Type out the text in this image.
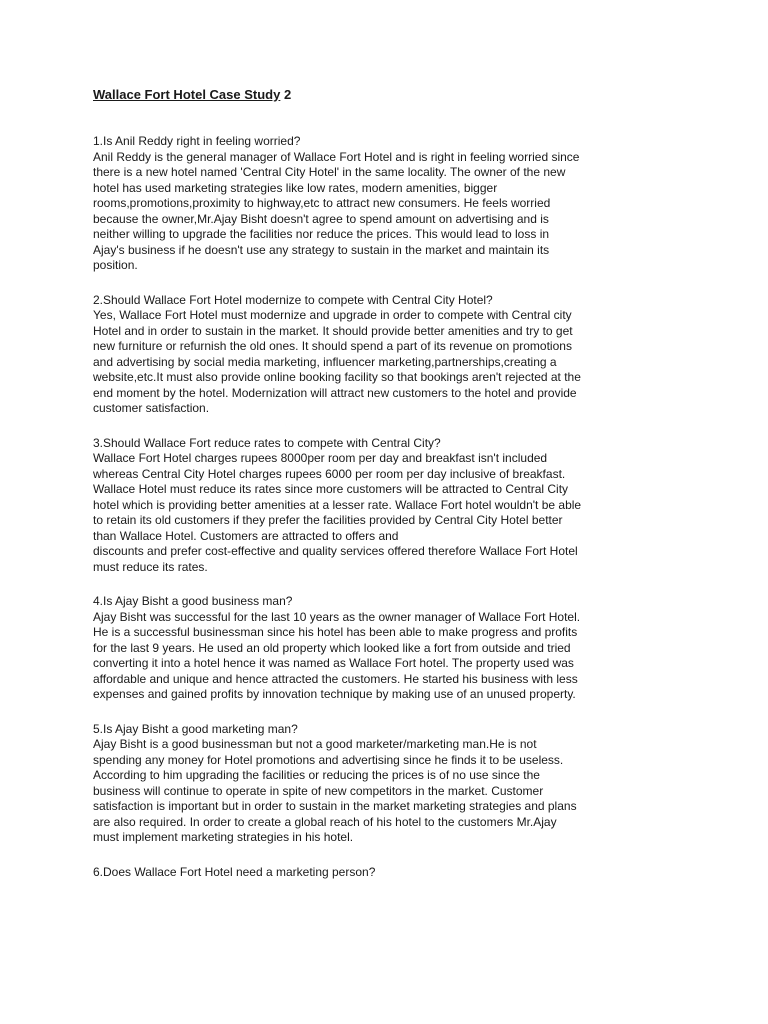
Wallace Fort Hotel Case Study 2

1.Is Anil Reddy right in feeling worried?
Anil Reddy is the general manager of Wallace Fort Hotel and is right in feeling worried since
there is a new hotel named 'Central City Hotel' in the same locality. The owner of the new
hotel has used marketing strategies like low rates, modern amenities, bigger
rooms,promotions,proximity to highway,etc to attract new consumers. He feels worried
because the owner,Mr.Ajay Bisht doesn't agree to spend amount on advertising and is
neither willing to upgrade the facilities nor reduce the prices. This would lead to loss in
Ajay's business if he doesn't use any strategy to sustain in the market and maintain its
position.
2.Should Wallace Fort Hotel modernize to compete with Central City Hotel?
Yes, Wallace Fort Hotel must modernize and upgrade in order to compete with Central city
Hotel and in order to sustain in the market. It should provide better amenities and try to get
new furniture or refurnish the old ones. It should spend a part of its revenue on promotions
and advertising by social media marketing, influencer marketing,partnerships,creating a
website,etc.It must also provide online booking facility so that bookings aren't rejected at the
end moment by the hotel. Modernization will attract new customers to the hotel and provide
customer satisfaction.
3.Should Wallace Fort reduce rates to compete with Central City?
Wallace Fort Hotel charges rupees 8000per room per day and breakfast isn't included
whereas Central City Hotel charges rupees 6000 per room per day inclusive of breakfast.
Wallace Hotel must reduce its rates since more customers will be attracted to Central City
hotel which is providing better amenities at a lesser rate. Wallace Fort hotel wouldn't be able
to retain its old customers if they prefer the facilities provided by Central City Hotel better
than Wallace Hotel. Customers are attracted to offers and
discounts and prefer cost-effective and quality services offered therefore Wallace Fort Hotel
must reduce its rates.
4.Is Ajay Bisht a good business man?
Ajay Bisht was successful for the last 10 years as the owner manager of Wallace Fort Hotel.
He is a successful businessman since his hotel has been able to make progress and profits
for the last 9 years. He used an old property which looked like a fort from outside and tried
converting it into a hotel hence it was named as Wallace Fort hotel. The property used was
affordable and unique and hence attracted the customers. He started his business with less
expenses and gained profits by innovation technique by making use of an unused property.
5.Is Ajay Bisht a good marketing man?
Ajay Bisht is a good businessman but not a good marketer/marketing man.He is not
spending any money for Hotel promotions and advertising since he finds it to be useless.
According to him upgrading the facilities or reducing the prices is of no use since the
business will continue to operate in spite of new competitors in the market. Customer
satisfaction is important but in order to sustain in the market marketing strategies and plans
are also required. In order to create a global reach of his hotel to the customers Mr.Ajay
must implement marketing strategies in his hotel.
6.Does Wallace Fort Hotel need a marketing person?
